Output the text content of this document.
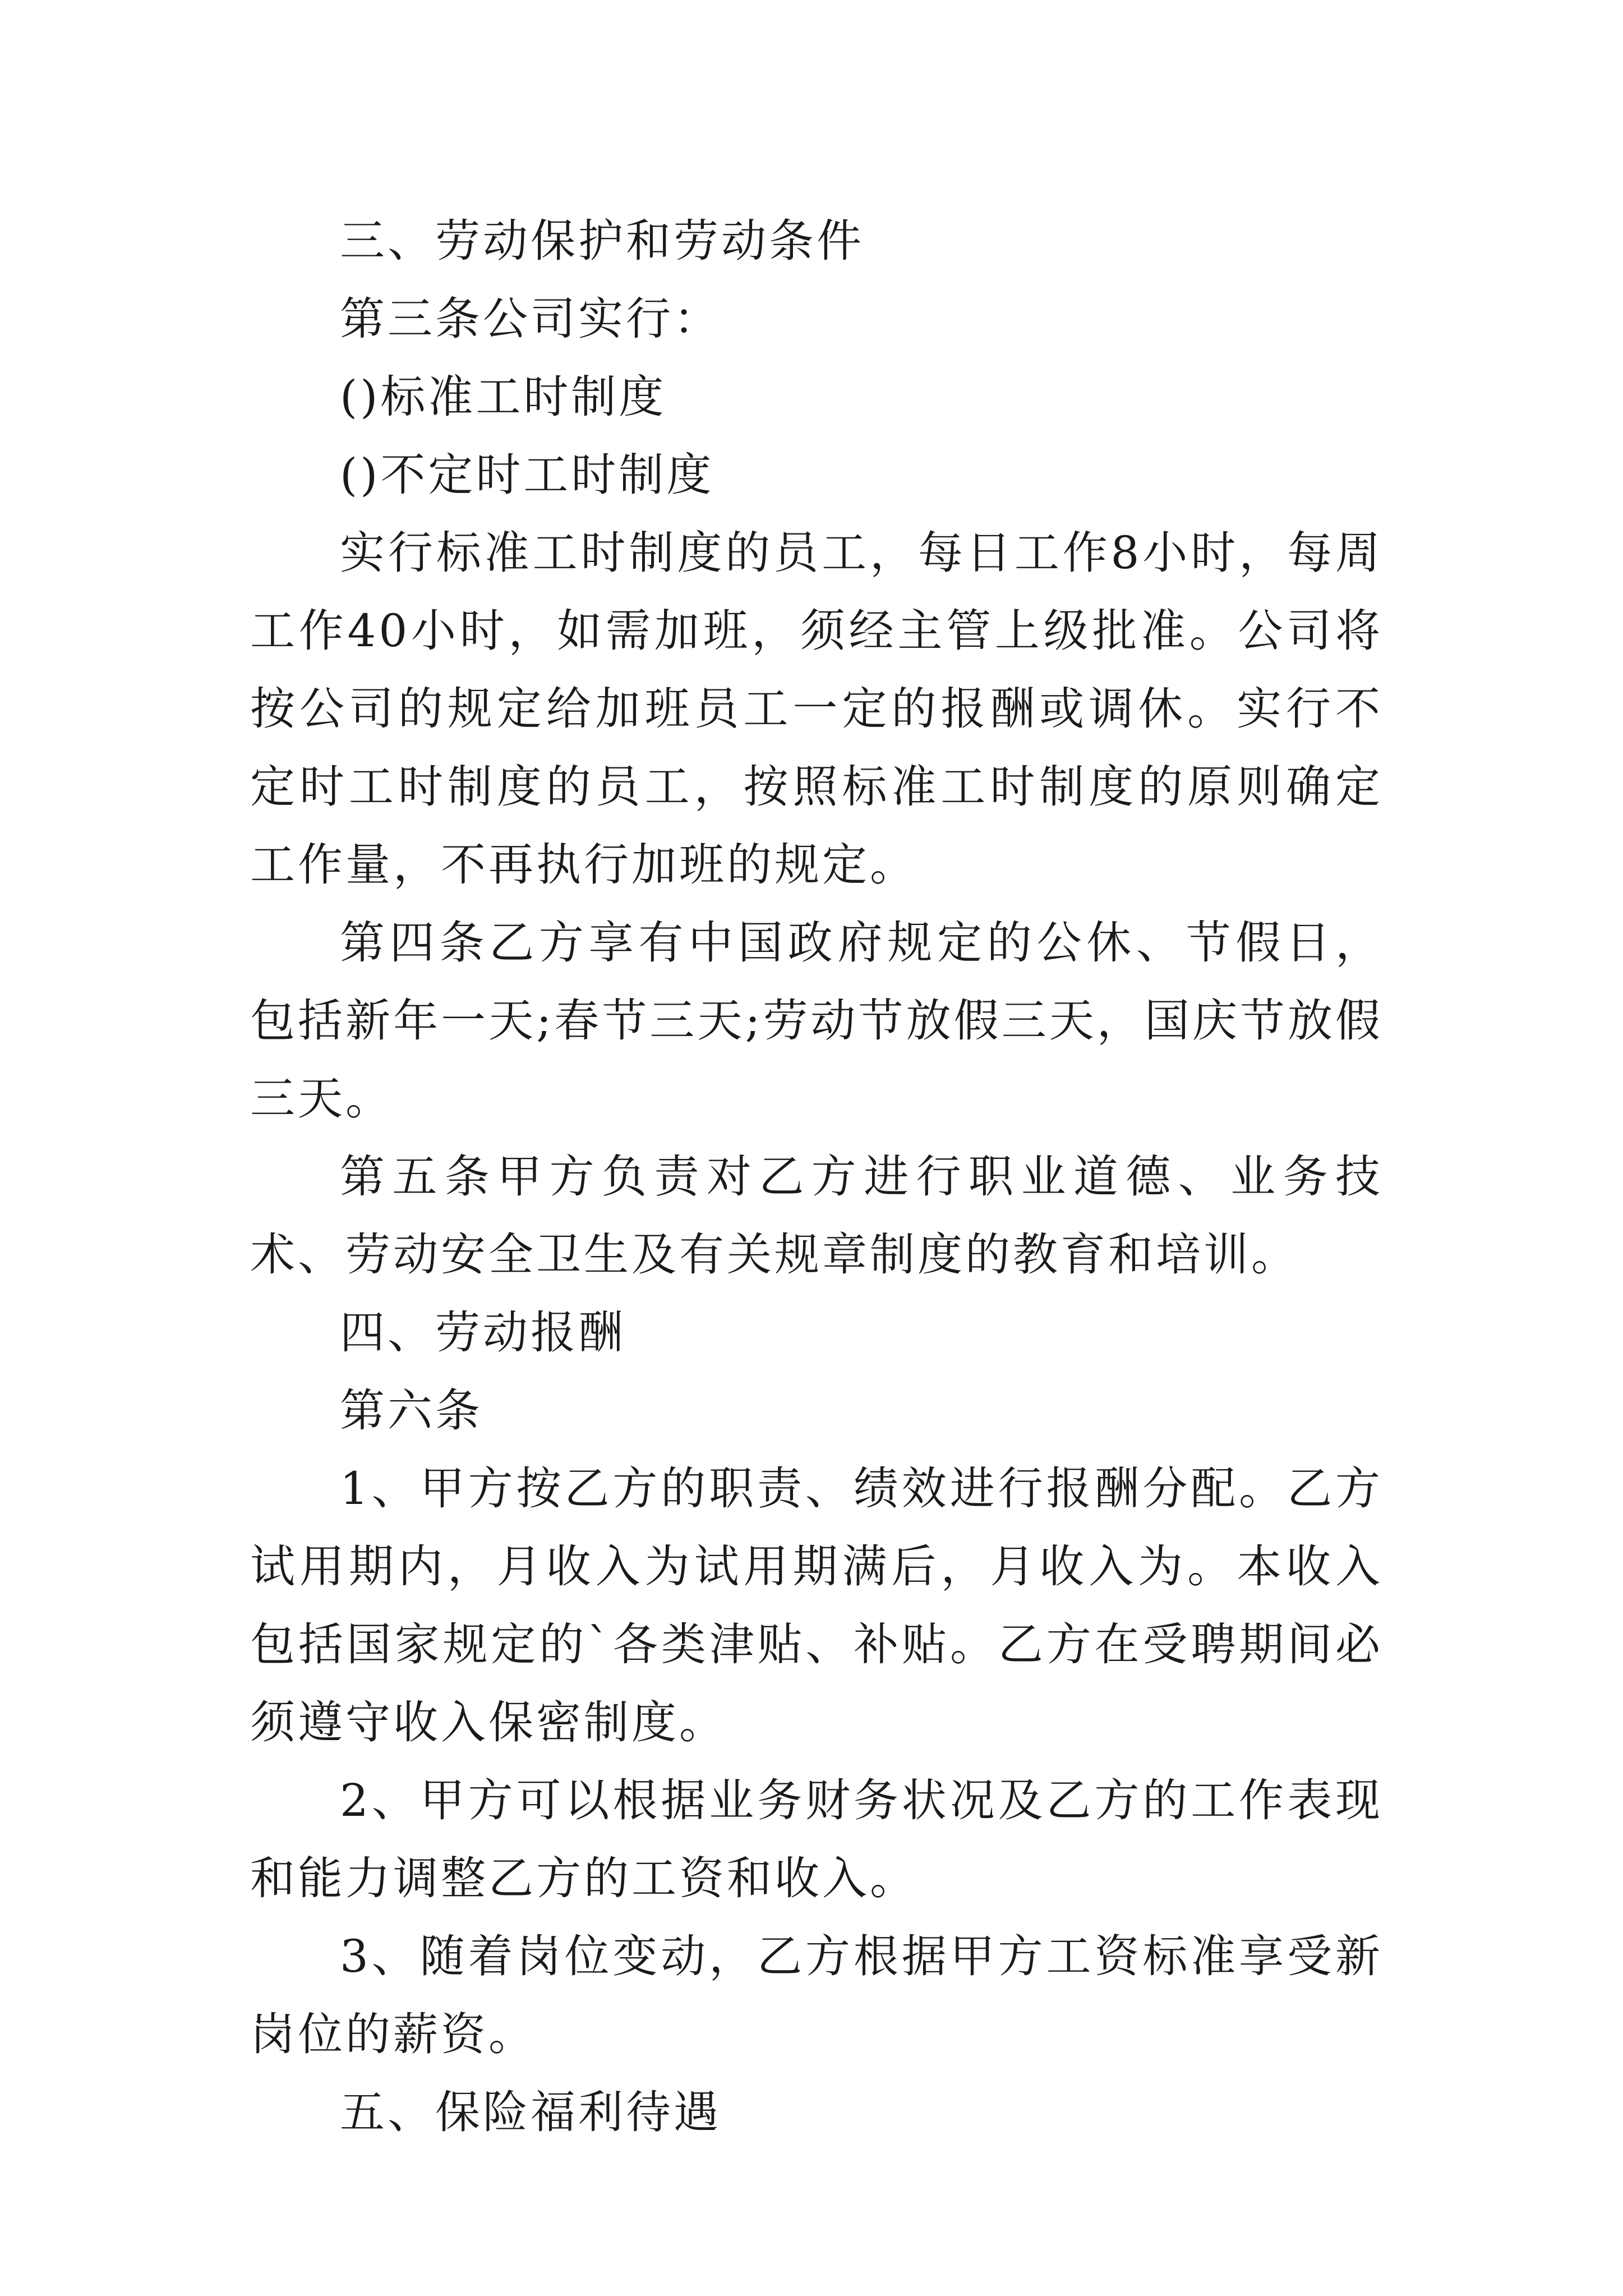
三、劳动保护和劳动条件

第三条公司实行：

()标准工时制度

()不定时工时制度

实行标准工时制度的员工，每日工作8小时，每周工作40小时，如需加班，须经主管上级批准。公司将按公司的规定给加班员工一定的报酬或调休。实行不定时工时制度的员工，按照标准工时制度的原则确定工作量，不再执行加班的规定。

第四条乙方享有中国政府规定的公休、节假日，包括新年一天;春节三天;劳动节放假三天，国庆节放假三天。

第五条甲方负责对乙方进行职业道德、业务技术、劳动安全卫生及有关规章制度的教育和培训。

四、劳动报酬

第六条

1、甲方按乙方的职责、绩效进行报酬分配。乙方试用期内，月收入为试用期满后，月收入为。本收入包括国家规定的`各类津贴、补贴。乙方在受聘期间必须遵守收入保密制度。

2、甲方可以根据业务财务状况及乙方的工作表现和能力调整乙方的工资和收入。

3、随着岗位变动，乙方根据甲方工资标准享受新岗位的薪资。

五、保险福利待遇
